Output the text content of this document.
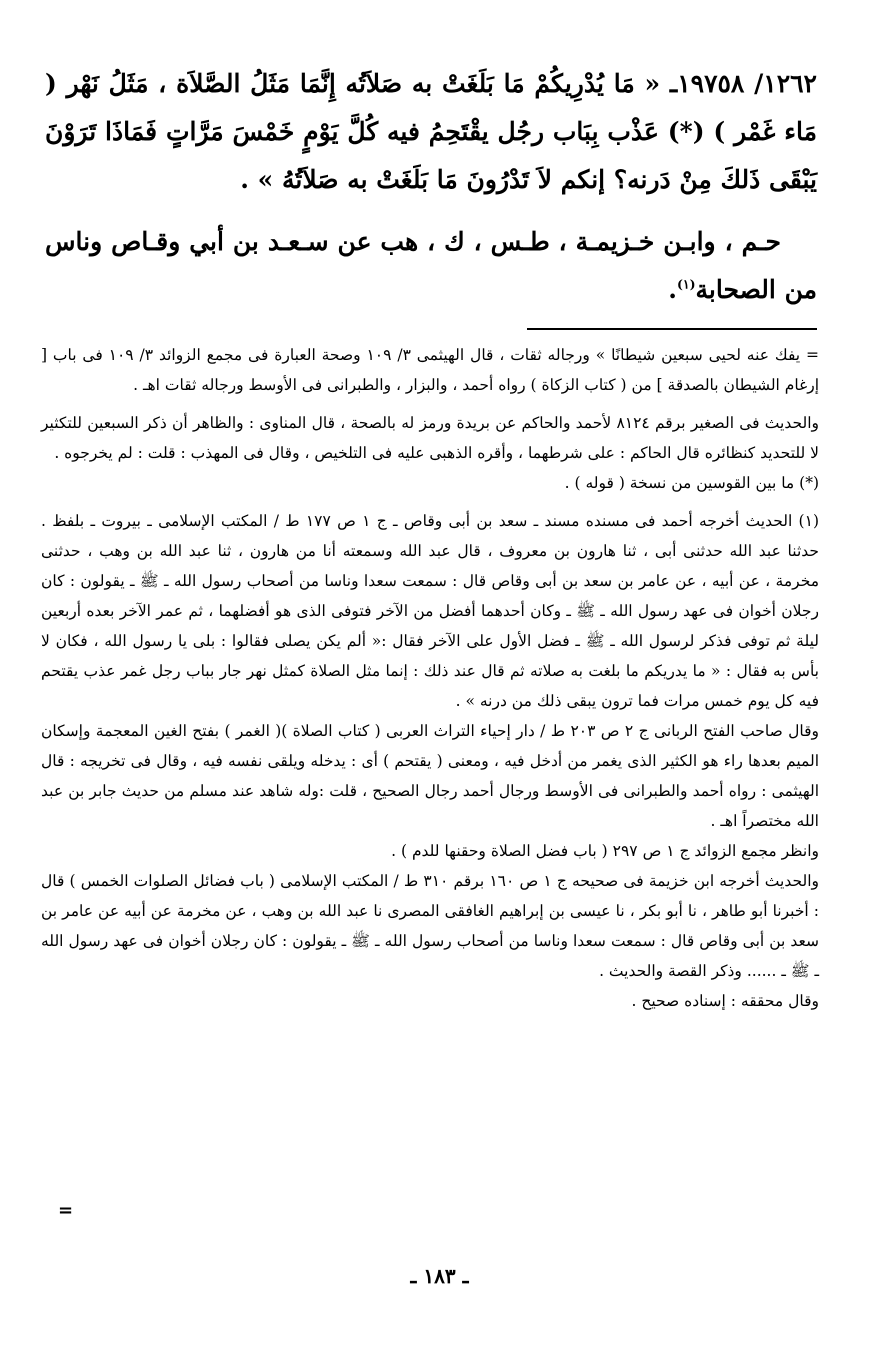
١٢٦٢/ ١٩٧٥٨ـ « مَا يُدْرِيكُمْ مَا بَلَغَتْ به صَلاَتُه إِنَّمَا مَثَلُ الصَّلاَة ، مَثَلُ نَهْر ( مَاء غَمْر ) (*) عَذْب بِبَاب رجُل يقْتَحِمُ فيه كُلَّ يَوْمٍ خَمْسَ مَرَّاتٍ فَمَاذَا تَرَوْنَ يَبْقَى ذَلكَ مِنْ دَرنه؟ إنكم لاَ تَدْرُونَ مَا بَلَغَتْ به صَلاَتُهُ » .

حـم ، وابـن خـزيمـة ، طـس ، ك ، هب عن سـعـد بن أبي وقـاص وناس من الصحابة$^{(١)}$.

= يفك عنه لحيى سبعين شيطانًا » ورجاله ثقات ، قال الهيثمى ٣/ ١٠٩ وصحة العبارة فى مجمع الزوائد ٣/ ١٠٩ فى باب [ إرغام الشيطان بالصدقة ] من ( كتاب الزكاة ) رواه أحمد ، والبزار ، والطبرانى فى الأوسط ورجاله ثقات اهـ .

والحديث فى الصغير برقم ٨١٢٤ لأحمد والحاكم عن بريدة ورمز له بالصحة ، قال المناوى : والظاهر أن ذكر السبعين للتكثير لا للتحديد كنظائره قال الحاكم : على شرطهما ، وأقره الذهبى عليه فى التلخيص ، وقال فى المهذب : قلت : لم يخرجوه .

(*) ما بين القوسين من نسخة ( قوله ) .

(١) الحديث أخرجه أحمد فى مسنده مسند ـ سعد بن أبى وقاص ـ ج ١ ص ١٧٧ ط / المكتب الإسلامى ـ بيروت ـ بلفظ . حدثنا عبد الله حدثنى أبى ، ثنا هارون بن معروف ، قال عبد الله وسمعته أنا من هارون ، ثنا عبد الله بن وهب ، حدثنى مخرمة ، عن أبيه ، عن عامر بن سعد بن أبى وقاص قال : سمعت سعدا وناسا من أصحاب رسول الله ـ ﷺ ـ يقولون : كان رجلان أخوان فى عهد رسول الله ـ ﷺ ـ وكان أحدهما أفضل من الآخر فتوفى الذى هو أفضلهما ، ثم عمر الآخر بعده أربعين ليلة ثم توفى فذكر لرسول الله ـ ﷺ ـ فضل الأول على الآخر فقال :« ألم يكن يصلى فقالوا : بلى يا رسول الله ، فكان لا بأس به فقال : « ما يدريكم ما بلغت به صلاته ثم قال عند ذلك : إنما مثل الصلاة كمثل نهر جار بباب رجل غمر عذب يقتحم فيه كل يوم خمس مرات فما ترون يبقى ذلك من درنه » .

وقال صاحب الفتح الربانى ج ٢ ص ٢٠٣ ط / دار إحياء التراث العربى ( كتاب الصلاة )( الغمر ) بفتح الغين المعجمة وإسكان الميم بعدها راء هو الكثير الذى يغمر من أدخل فيه ، ومعنى ( يقتحم ) أى : يدخله ويلقى نفسه فيه ، وقال فى تخريجه : قال الهيثمى : رواه أحمد والطبرانى فى الأوسط ورجال أحمد رجال الصحيح ، قلت :وله شاهد عند مسلم من حديث جابر بن عبد الله مختصراً اهـ .

وانظر مجمع الزوائد ج ١ ص ٢٩٧ ( باب فضل الصلاة وحقنها للدم ) .

والحديث أخرجه ابن خزيمة فى صحيحه ج ١ ص ١٦٠ برقم ٣١٠ ط / المكتب الإسلامى ( باب فضائل الصلوات الخمس ) قال : أخبرنا أبو طاهر ، نا أبو بكر ، نا عيسى بن إبراهيم الغافقى المصرى نا عبد الله بن وهب ، عن مخرمة عن أبيه عن عامر بن سعد بن أبى وقاص قال : سمعت سعدا وناسا من أصحاب رسول الله ـ ﷺ ـ يقولون : كان رجلان أخوان فى عهد رسول الله ـ ﷺ ـ ...... وذكر القصة والحديث .

وقال محققه : إسناده صحيح .

=
ـ ١٨٣ ـ
